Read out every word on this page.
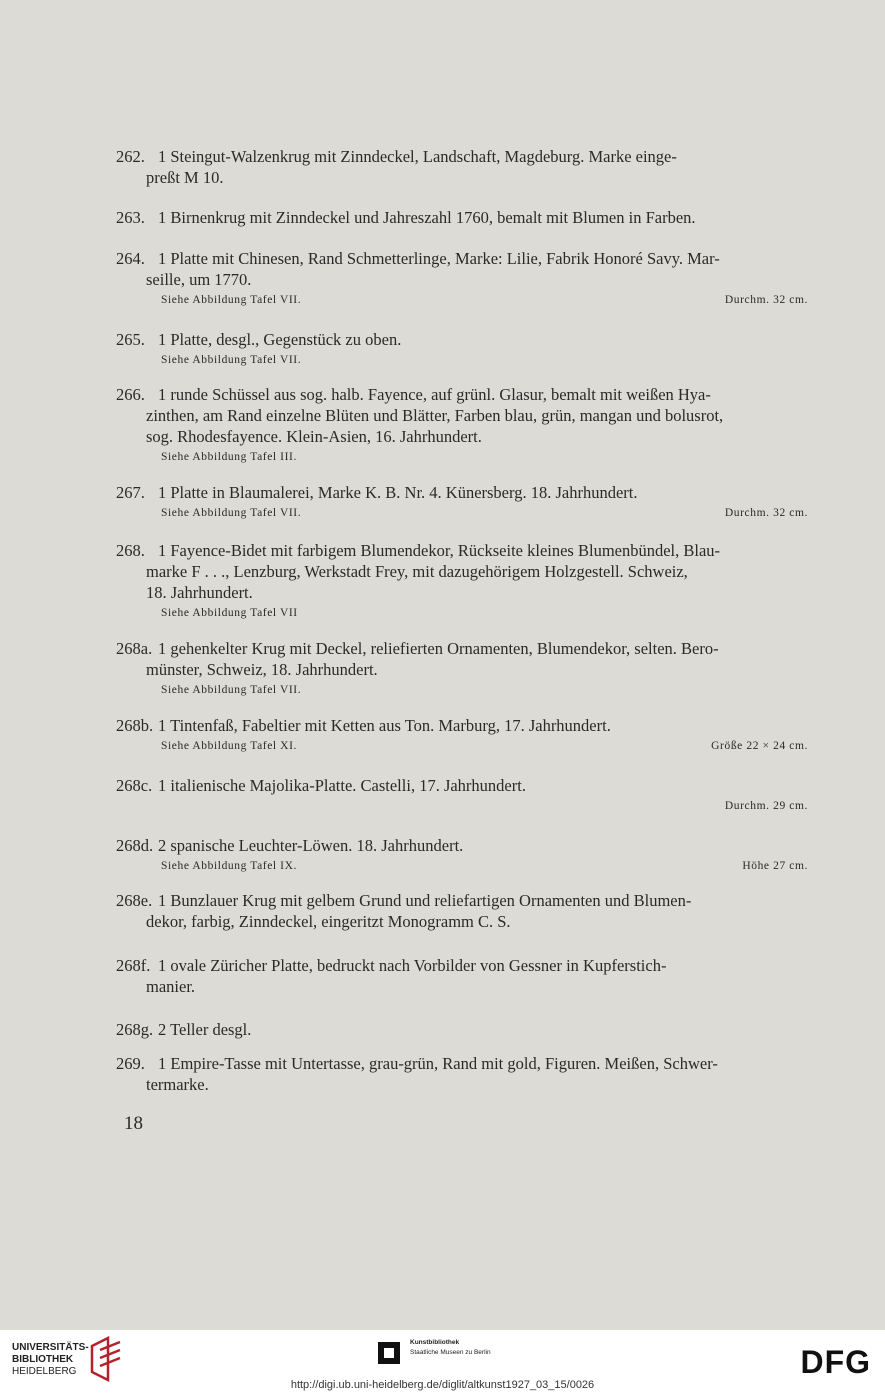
262. 1 Steingut-Walzenkrug mit Zinndeckel, Landschaft, Magdeburg. Marke einge-
preßt M 10.
263. 1 Birnenkrug mit Zinndeckel und Jahreszahl 1760, bemalt mit Blumen in Farben.
264. 1 Platte mit Chinesen, Rand Schmetterlinge, Marke: Lilie, Fabrik Honoré Savy. Mar-
seille, um 1770.
Siehe Abbildung Tafel VII.	Durchm. 32 cm.
265. 1 Platte, desgl., Gegenstück zu oben.
Siehe Abbildung Tafel VII.
266. 1 runde Schüssel aus sog. halb. Fayence, auf grünl. Glasur, bemalt mit weißen Hya-
zinthen, am Rand einzelne Blüten und Blätter, Farben blau, grün, mangan und bolusrot,
sog. Rhodesfayence. Klein-Asien, 16. Jahrhundert.
Siehe Abbildung Tafel III.
267. 1 Platte in Blaumalerei, Marke K. B. Nr. 4. Künersberg. 18. Jahrhundert.
Siehe Abbildung Tafel VII.	Durchm. 32 cm.
268. 1 Fayence-Bidet mit farbigem Blumendekor, Rückseite kleines Blumenbündel, Blau-
marke F . . ., Lenzburg, Werkstadt Frey, mit dazugehörigem Holzgestell. Schweiz,
18. Jahrhundert.
Siehe Abbildung Tafel VII
268a. 1 gehenkelter Krug mit Deckel, reliefierten Ornamenten, Blumendekor, selten. Bero-
münster, Schweiz, 18. Jahrhundert.
Siehe Abbildung Tafel VII.
268b. 1 Tintenfaß, Fabeltier mit Ketten aus Ton. Marburg, 17. Jahrhundert.
Siehe Abbildung Tafel XI.	Größe 22 × 24 cm.
268c. 1 italienische Majolika-Platte. Castelli, 17. Jahrhundert.
Durchm. 29 cm.
268d. 2 spanische Leuchter-Löwen. 18. Jahrhundert.
Siehe Abbildung Tafel IX.	Höhe 27 cm.
268e. 1 Bunzlauer Krug mit gelbem Grund und reliefartigen Ornamenten und Blumen-
dekor, farbig, Zinndeckel, eingeritzt Monogramm C. S.
268f. 1 ovale Züricher Platte, bedruckt nach Vorbilder von Gessner in Kupferstich-
manier.
268g. 2 Teller desgl.
269. 1 Empire-Tasse mit Untertasse, grau-grün, Rand mit gold, Figuren. Meißen, Schwer-
termarke.
18
UNIVERSITÄTS-
BIBLIOTHEK
HEIDELBERG
Kunstbibliothek
Staatliche Museen zu Berlin	DFG
http://digi.ub.uni-heidelberg.de/diglit/altkunst1927_03_15/0026
